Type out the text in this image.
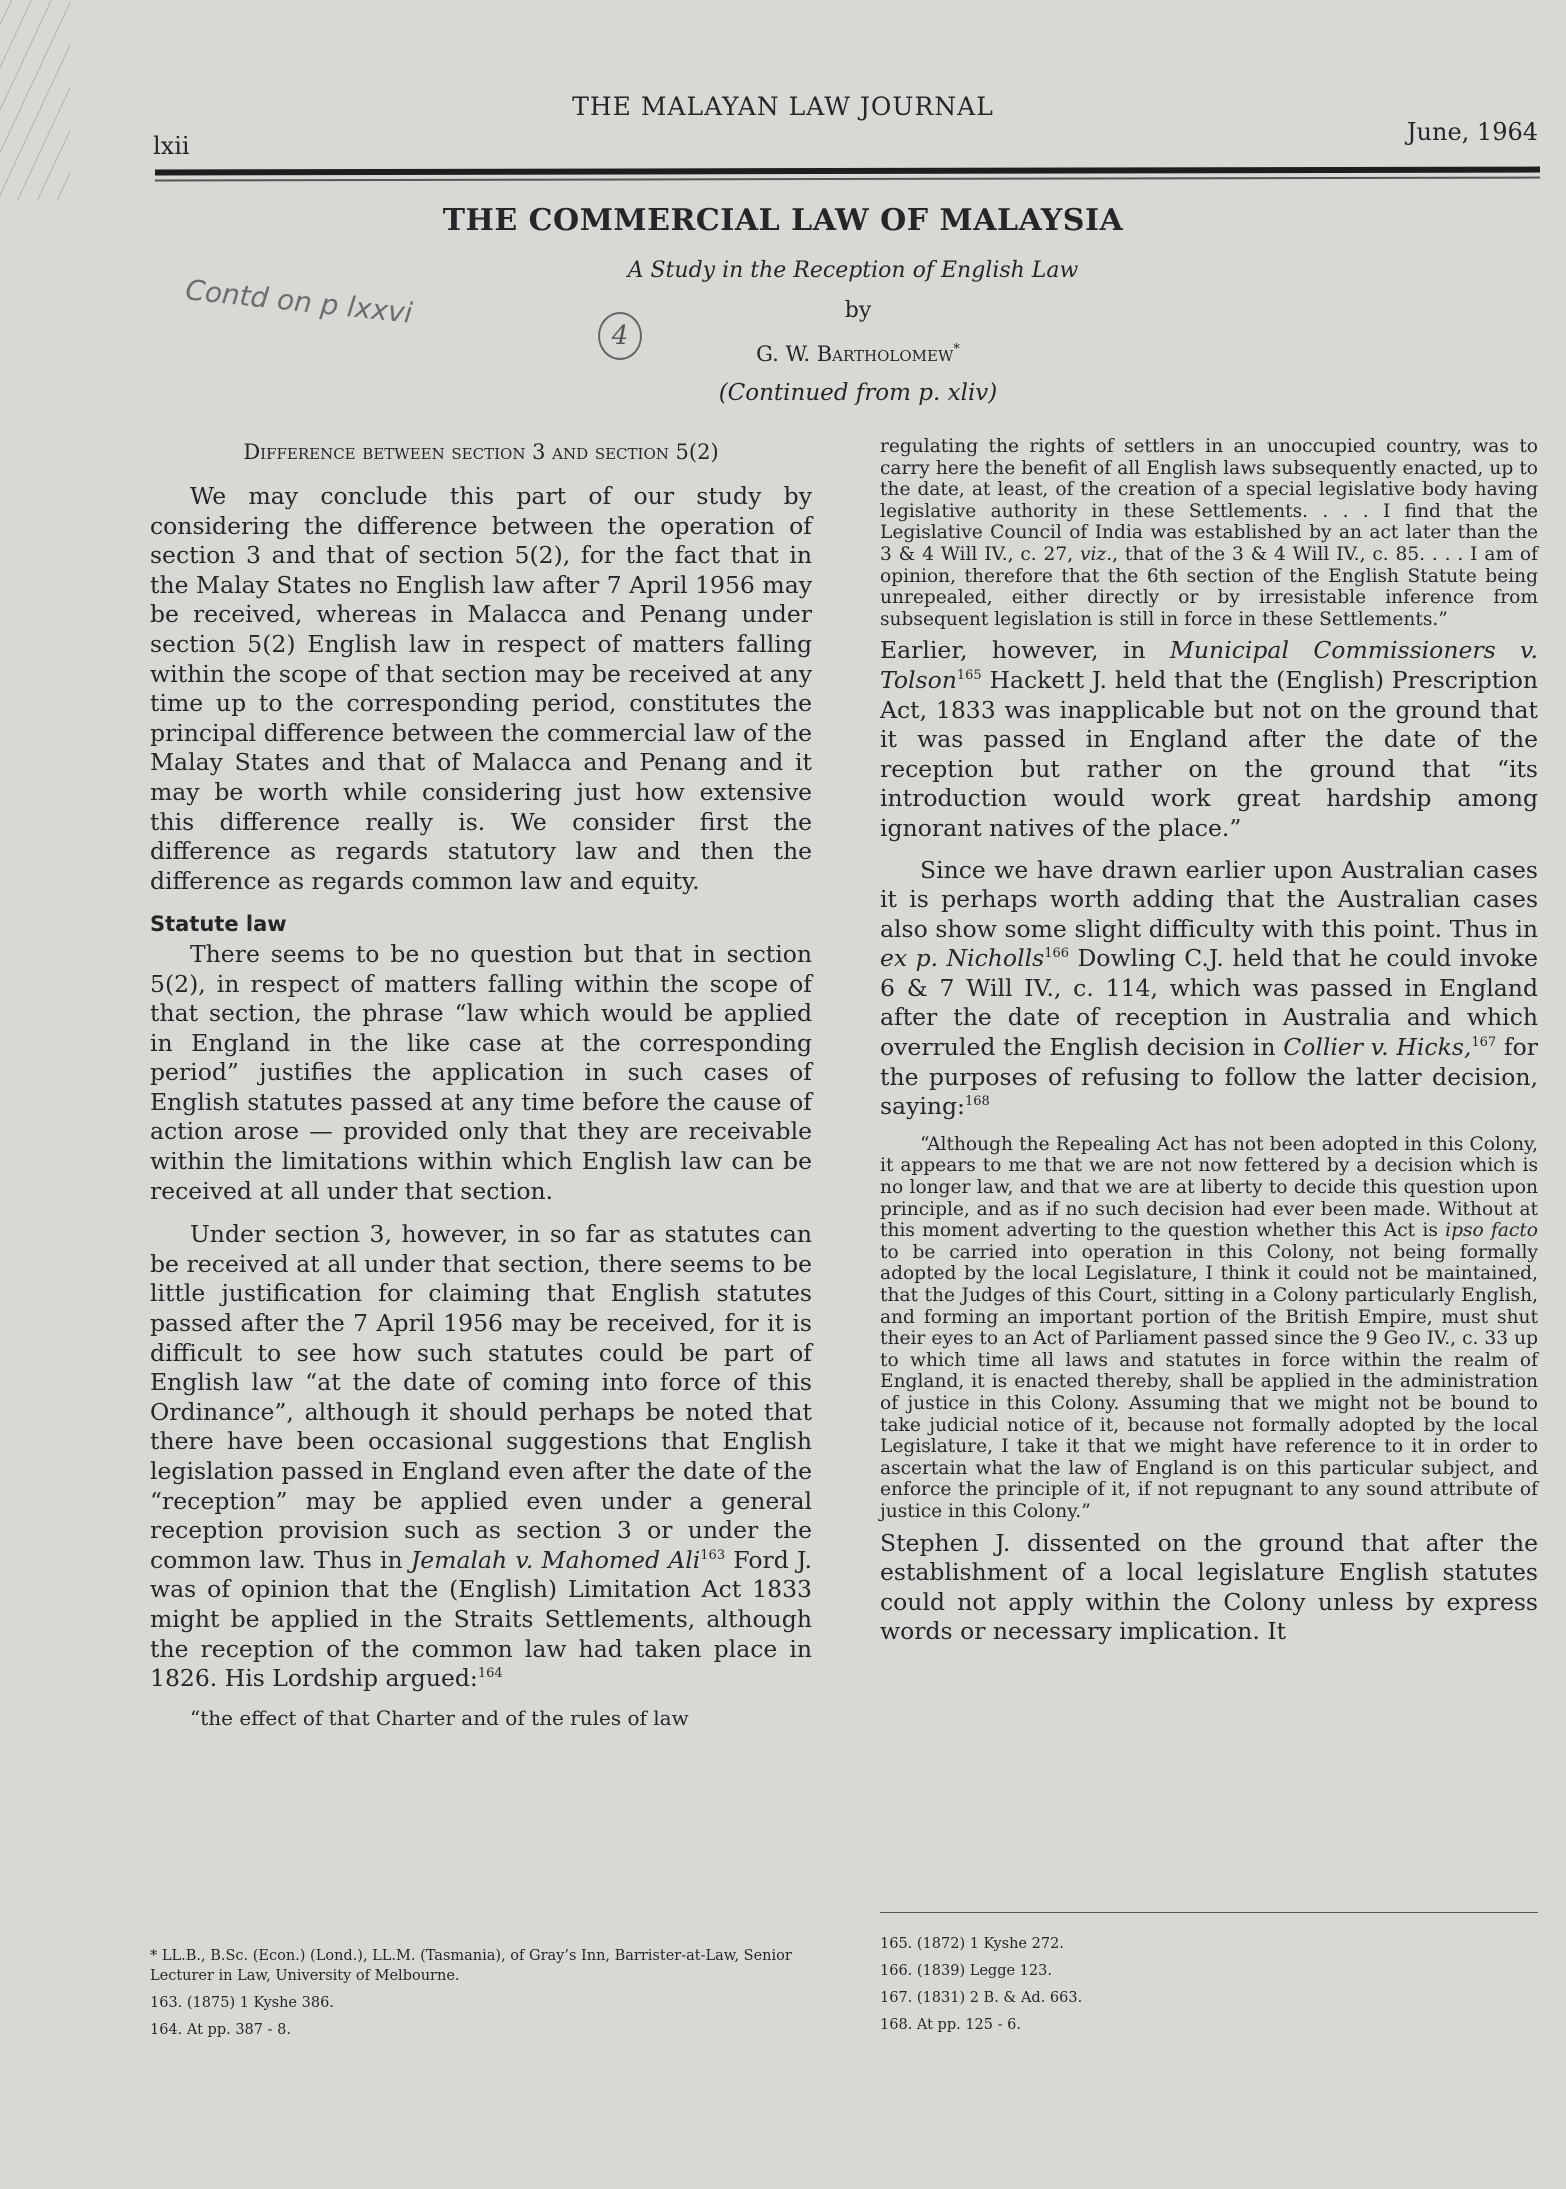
THE MALAYAN LAW JOURNAL
lxii	June, 1964
THE COMMERCIAL LAW OF MALAYSIA
A Study in the Reception of English Law
by
G. W. Bartholomew*
(Continued from p. xliv)
Contd on p lxxvi
4
Difference between section 3 and section 5(2)

We may conclude this part of our study by considering the difference between the operation of section 3 and that of section 5(2), for the fact that in the Malay States no English law after 7 April 1956 may be received, whereas in Malacca and Penang under section 5(2) English law in respect of matters falling within the scope of that section may be received at any time up to the corresponding period, constitutes the principal difference between the commercial law of the Malay States and that of Malacca and Penang and it may be worth while considering just how extensive this difference really is. We consider first the difference as regards statutory law and then the difference as regards common law and equity.

Statute law

There seems to be no question but that in section 5(2), in respect of matters falling within the scope of that section, the phrase “law which would be applied in England in the like case at the corresponding period” justifies the application in such cases of English statutes passed at any time before the cause of action arose — provided only that they are receivable within the limitations within which English law can be received at all under that section.

Under section 3, however, in so far as statutes can be received at all under that section, there seems to be little justification for claiming that English statutes passed after the 7 April 1956 may be received, for it is difficult to see how such statutes could be part of English law “at the date of coming into force of this Ordinance”, although it should perhaps be noted that there have been occasional suggestions that English legislation passed in England even after the date of the “reception” may be applied even under a general reception provision such as section 3 or under the common law. Thus in Jemalah v. Mahomed Ali$^{163}$ Ford J. was of opinion that the (English) Limitation Act 1833 might be applied in the Straits Settlements, although the reception of the common law had taken place in 1826. His Lordship argued:$^{164}$

“the effect of that Charter and of the rules of law

regulating the rights of settlers in an unoccupied country, was to carry here the benefit of all English laws subsequently enacted, up to the date, at least, of the creation of a special legislative body having legislative authority in these Settlements. . . . I find that the Legislative Council of India was established by an act later than the 3 & 4 Will IV., c. 27, viz., that of the 3 & 4 Will IV., c. 85. . . . I am of opinion, therefore that the 6th section of the English Statute being unrepealed, either directly or by irresistable inference from subsequent legislation is still in force in these Settlements.”

Earlier, however, in Municipal Commissioners v. Tolson$^{165}$ Hackett J. held that the (English) Prescription Act, 1833 was inapplicable but not on the ground that it was passed in England after the date of the reception but rather on the ground that “its introduction would work great hardship among ignorant natives of the place.”

Since we have drawn earlier upon Australian cases it is perhaps worth adding that the Australian cases also show some slight difficulty with this point. Thus in ex p. Nicholls$^{166}$ Dowling C.J. held that he could invoke 6 & 7 Will IV., c. 114, which was passed in England after the date of reception in Australia and which overruled the English decision in Collier v. Hicks,$^{167}$ for the purposes of refusing to follow the latter decision, saying:$^{168}$

“Although the Repealing Act has not been adopted in this Colony, it appears to me that we are not now fettered by a decision which is no longer law, and that we are at liberty to decide this question upon principle, and as if no such decision had ever been made. Without at this moment adverting to the question whether this Act is ipso facto to be carried into operation in this Colony, not being formally adopted by the local Legislature, I think it could not be maintained, that the Judges of this Court, sitting in a Colony particularly English, and forming an important portion of the British Empire, must shut their eyes to an Act of Parliament passed since the 9 Geo IV., c. 33 up to which time all laws and statutes in force within the realm of England, it is enacted thereby, shall be applied in the administration of justice in this Colony. Assuming that we might not be bound to take judicial notice of it, because not formally adopted by the local Legislature, I take it that we might have reference to it in order to ascertain what the law of England is on this particular subject, and enforce the principle of it, if not repugnant to any sound attribute of justice in this Colony.”

Stephen J. dissented on the ground that after the establishment of a local legislature English statutes could not apply within the Colony unless by express words or necessary implication. It

* LL.B., B.Sc. (Econ.) (Lond.), LL.M. (Tasmania), of Gray’s Inn, Barrister-at-Law, Senior Lecturer in Law, University of Melbourne.
163. (1875) 1 Kyshe 386.
164. At pp. 387 - 8.
165. (1872) 1 Kyshe 272.
166. (1839) Legge 123.
167. (1831) 2 B. & Ad. 663.
168. At pp. 125 - 6.
